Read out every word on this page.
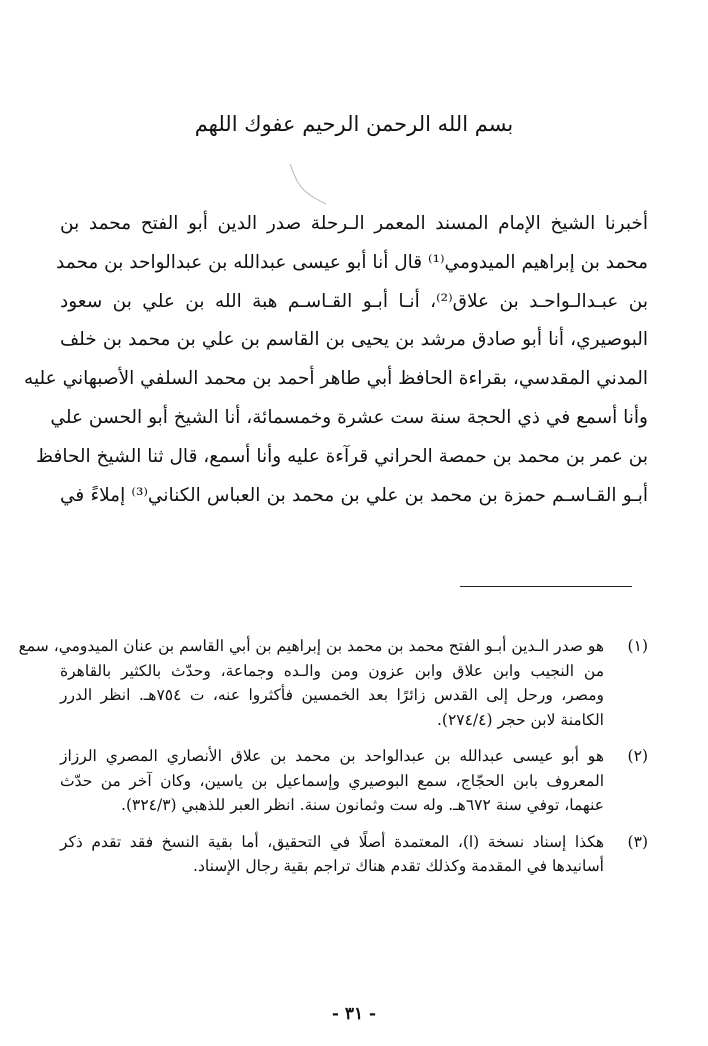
بسم الله الرحمن الرحيم عفوك اللهم
أخبرنا الشيخ الإمام المسند المعمر الـرحلة صدر الدين أبو الفتح محمد بن
محمد بن إبراهيم الميدومي⁽¹⁾ قال أنا أبو عيسى عبدالله بن عبدالواحد بن محمد
بن عبـدالـواحـد بن علاق⁽²⁾، أنـا أبـو القـاسـم هبة الله بن علي بن سعود
البوصيري، أنا أبو صادق مرشد بن يحيى بن القاسم بن علي بن محمد بن خلف
المدني المقدسي، بقراءة الحافظ أبي طاهر أحمد بن محمد السلفي الأصبهاني عليه
وأنا أسمع في ذي الحجة سنة ست عشرة وخمسمائة، أنا الشيخ أبو الحسن علي
بن عمر بن محمد بن حمصة الحراني قرآءة عليه وأنا أسمع، قال ثنا الشيخ الحافظ
أبـو القـاسـم حمزة بن محمد بن علي بن محمد بن العباس الكناني⁽³⁾ إملاءً في
(١)
هو صدر الـدين أبـو الفتح محمد بن محمد بن إبراهيم بن أبي القاسم بن عنان الميدومي، سمع
من النجيب وابن علاق وابن عزون ومن والـده وجماعة، وحدّث بالكثير بالقاهرة
ومصر، ورحل إلى القدس زائرًا بعد الخمسين فأكثروا عنه، ت ٧٥٤هـ. انظر الدرر
الكامنة لابن حجر (٢٧٤/٤).
(٢)
هو أبو عيسى عبدالله بن عبدالواحد بن محمد بن علاق الأنصاري المصري الرزاز
المعروف بابن الحجّاج، سمع البوصيري وإسماعيل بن ياسين، وكان آخر من حدّث
عنهما، توفي سنة ٦٧٢هـ. وله ست وثمانون سنة. انظر العبر للذهبي (٣٢٤/٣).
(٣)
هكذا إسناد نسخة (ا)، المعتمدة أصلًا في التحقيق، أما بقية النسخ فقد تقدم ذكر
أسانيدها في المقدمة وكذلك تقدم هناك تراجم بقية رجال الإسناد.
- ٣١ -
